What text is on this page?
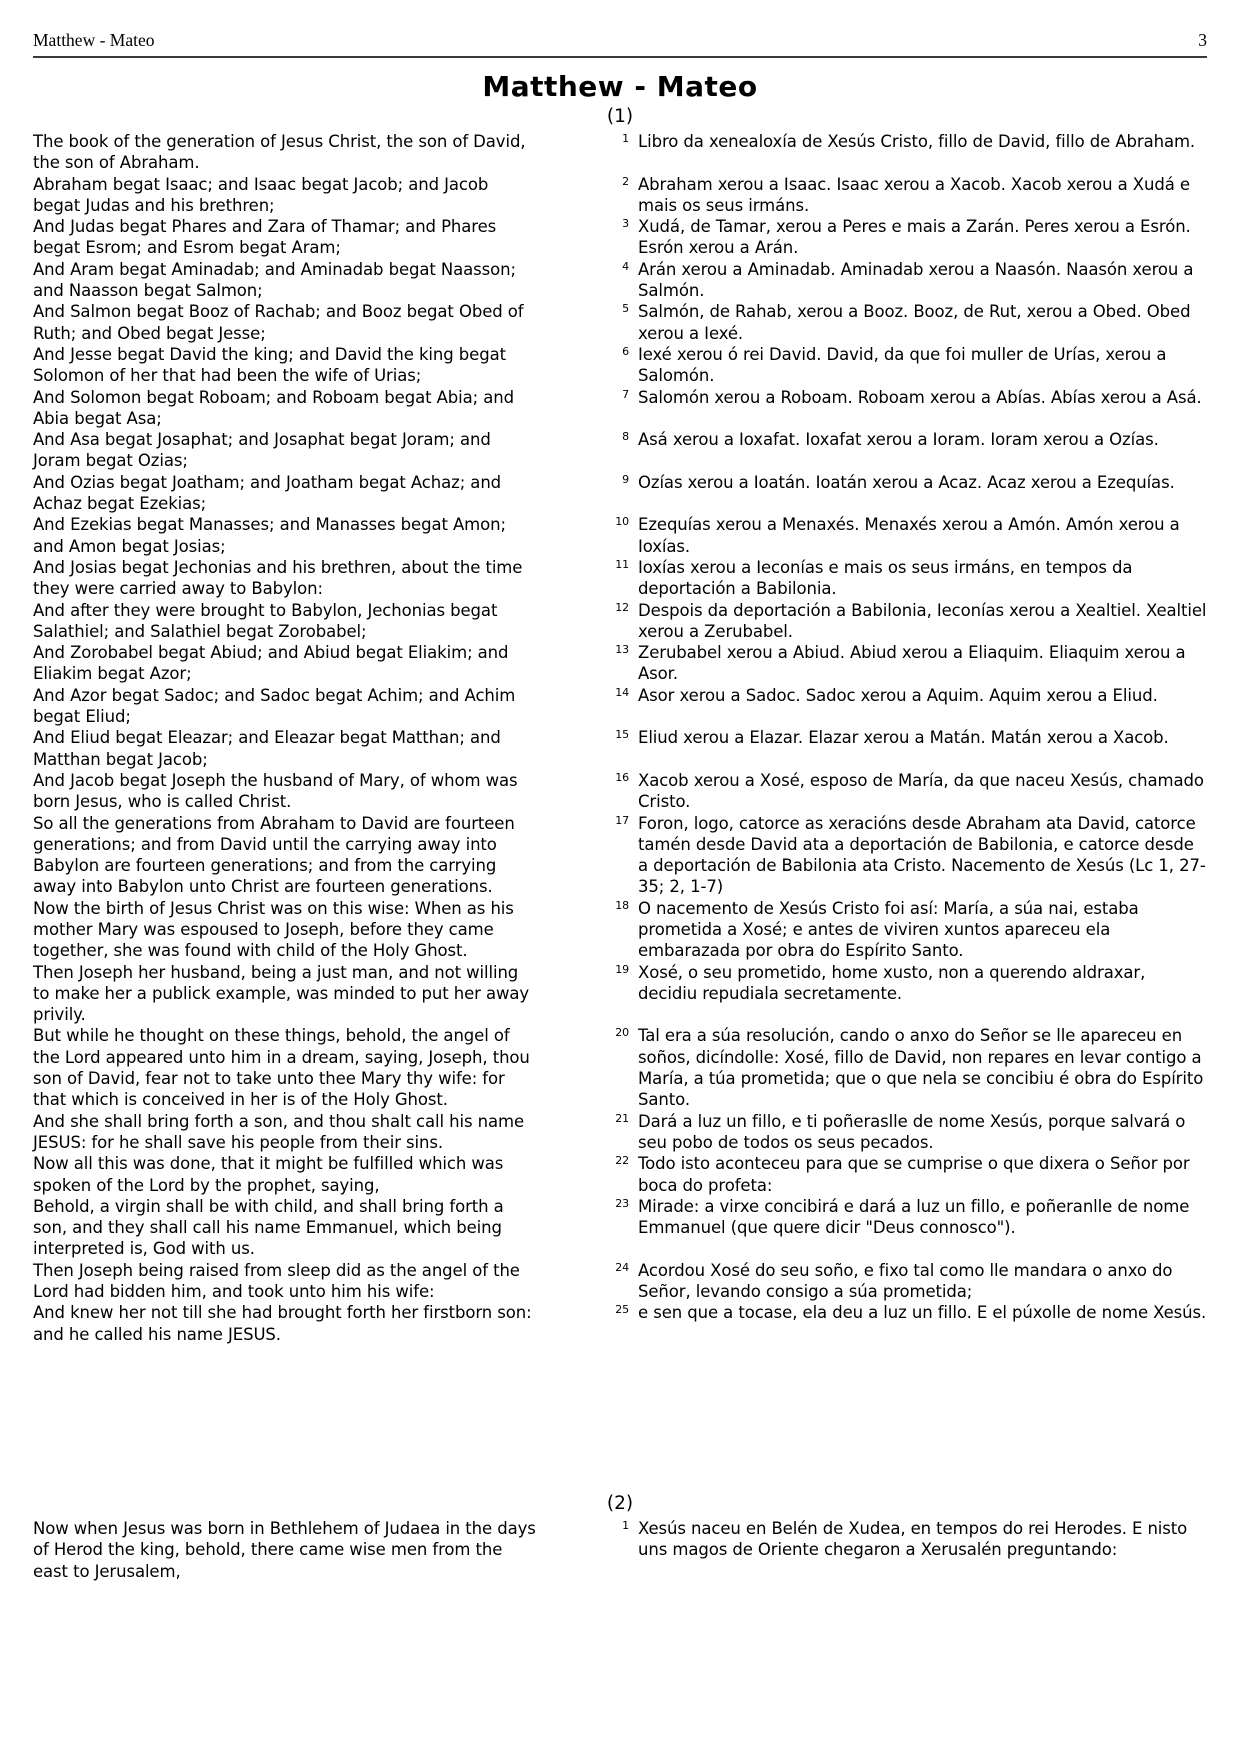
Matthew - Mateo	3
Matthew - Mateo
(1)
The book of the generation of Jesus Christ, the son of David, the son of Abraham.
1 Libro da xenealoxía de Xesús Cristo, fillo de David, fillo de Abraham.
Abraham begat Isaac; and Isaac begat Jacob; and Jacob begat Judas and his brethren;
2 Abraham xerou a Isaac. Isaac xerou a Xacob. Xacob xerou a Xudá e mais os seus irmáns.
And Judas begat Phares and Zara of Thamar; and Phares begat Esrom; and Esrom begat Aram;
3 Xudá, de Tamar, xerou a Peres e mais a Zarán. Peres xerou a Esrón. Esrón xerou a Arán.
And Aram begat Aminadab; and Aminadab begat Naasson; and Naasson begat Salmon;
4 Arán xerou a Aminadab. Aminadab xerou a Naasón. Naasón xerou a Salmón.
And Salmon begat Booz of Rachab; and Booz begat Obed of Ruth; and Obed begat Jesse;
5 Salmón, de Rahab, xerou a Booz. Booz, de Rut, xerou a Obed. Obed xerou a Iexé.
And Jesse begat David the king; and David the king begat Solomon of her that had been the wife of Urias;
6 Iexé xerou ó rei David. David, da que foi muller de Urías, xerou a Salomón.
And Solomon begat Roboam; and Roboam begat Abia; and Abia begat Asa;
7 Salomón xerou a Roboam. Roboam xerou a Abías. Abías xerou a Asá.
And Asa begat Josaphat; and Josaphat begat Joram; and Joram begat Ozias;
8 Asá xerou a Ioxafat. Ioxafat xerou a Ioram. Ioram xerou a Ozías.
And Ozias begat Joatham; and Joatham begat Achaz; and Achaz begat Ezekias;
9 Ozías xerou a Ioatán. Ioatán xerou a Acaz. Acaz xerou a Ezequías.
And Ezekias begat Manasses; and Manasses begat Amon; and Amon begat Josias;
10 Ezequías xerou a Menaxés. Menaxés xerou a Amón. Amón xerou a Ioxías.
And Josias begat Jechonias and his brethren, about the time they were carried away to Babylon:
11 Ioxías xerou a Ieconías e mais os seus irmáns, en tempos da deportación a Babilonia.
And after they were brought to Babylon, Jechonias begat Salathiel; and Salathiel begat Zorobabel;
12 Despois da deportación a Babilonia, Ieconías xerou a Xealtiel. Xealtiel xerou a Zerubabel.
And Zorobabel begat Abiud; and Abiud begat Eliakim; and Eliakim begat Azor;
13 Zerubabel xerou a Abiud. Abiud xerou a Eliaquim. Eliaquim xerou a Asor.
And Azor begat Sadoc; and Sadoc begat Achim; and Achim begat Eliud;
14 Asor xerou a Sadoc. Sadoc xerou a Aquim. Aquim xerou a Eliud.
And Eliud begat Eleazar; and Eleazar begat Matthan; and Matthan begat Jacob;
15 Eliud xerou a Elazar. Elazar xerou a Matán. Matán xerou a Xacob.
And Jacob begat Joseph the husband of Mary, of whom was born Jesus, who is called Christ.
16 Xacob xerou a Xosé, esposo de María, da que naceu Xesús, chamado Cristo.
So all the generations from Abraham to David are fourteen generations; and from David until the carrying away into Babylon are fourteen generations; and from the carrying away into Babylon unto Christ are fourteen generations.
17 Foron, logo, catorce as xeracións desde Abraham ata David, catorce tamén desde David ata a deportación de Babilonia, e catorce desde a deportación de Babilonia ata Cristo. Nacemento de Xesús (Lc 1, 27-35; 2, 1-7)
Now the birth of Jesus Christ was on this wise: When as his mother Mary was espoused to Joseph, before they came together, she was found with child of the Holy Ghost.
18 O nacemento de Xesús Cristo foi así: María, a súa nai, estaba prometida a Xosé; e antes de viviren xuntos apareceu ela embarazada por obra do Espírito Santo.
Then Joseph her husband, being a just man, and not willing to make her a publick example, was minded to put her away privily.
19 Xosé, o seu prometido, home xusto, non a querendo aldraxar, decidiu repudiala secretamente.
But while he thought on these things, behold, the angel of the Lord appeared unto him in a dream, saying, Joseph, thou son of David, fear not to take unto thee Mary thy wife: for that which is conceived in her is of the Holy Ghost.
20 Tal era a súa resolución, cando o anxo do Señor se lle apareceu en soños, dicíndolle: Xosé, fillo de David, non repares en levar contigo a María, a túa prometida; que o que nela se concibiu é obra do Espírito Santo.
And she shall bring forth a son, and thou shalt call his name JESUS: for he shall save his people from their sins.
21 Dará a luz un fillo, e ti poñeraslle de nome Xesús, porque salvará o seu pobo de todos os seus pecados.
Now all this was done, that it might be fulfilled which was spoken of the Lord by the prophet, saying,
22 Todo isto aconteceu para que se cumprise o que dixera o Señor por boca do profeta:
Behold, a virgin shall be with child, and shall bring forth a son, and they shall call his name Emmanuel, which being interpreted is, God with us.
23 Mirade: a virxe concibirá e dará a luz un fillo, e poñeranlle de nome Emmanuel (que quere dicir "Deus connosco").
Then Joseph being raised from sleep did as the angel of the Lord had bidden him, and took unto him his wife:
24 Acordou Xosé do seu soño, e fixo tal como lle mandara o anxo do Señor, levando consigo a súa prometida;
And knew her not till she had brought forth her firstborn son: and he called his name JESUS.
25 e sen que a tocase, ela deu a luz un fillo. E el púxolle de nome Xesús.
(2)
Now when Jesus was born in Bethlehem of Judaea in the days of Herod the king, behold, there came wise men from the east to Jerusalem,
1 Xesús naceu en Belén de Xudea, en tempos do rei Herodes. E nisto uns magos de Oriente chegaron a Xerusalén preguntando:
